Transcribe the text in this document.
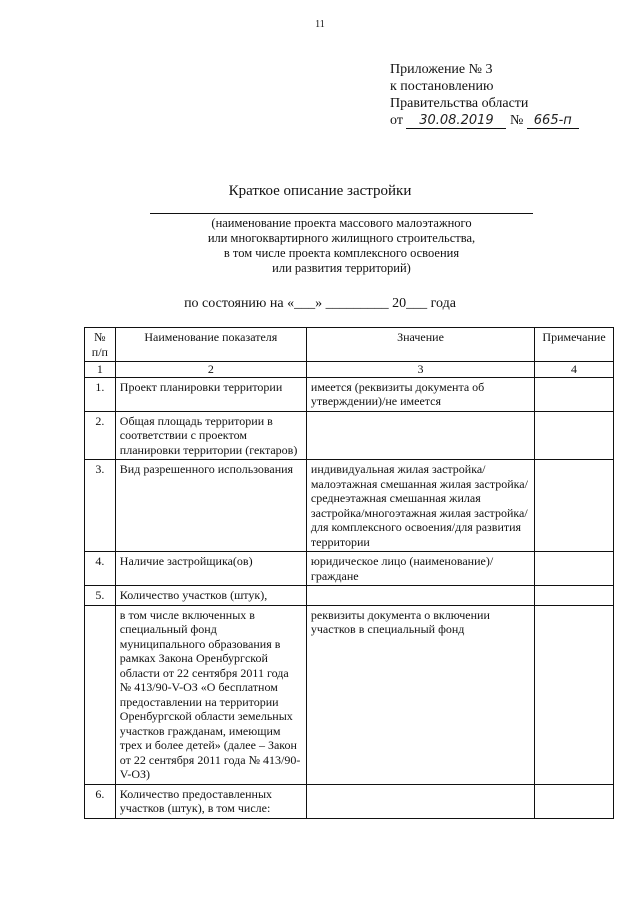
11
Приложение № 3
к постановлению
Правительства области
от 30.08.2019 № 665-п
Краткое описание застройки
(наименование проекта массового малоэтажного
или многоквартирного жилищного строительства,
в том числе проекта комплексного освоения
или развития территорий)
по состоянию на «___» _________ 20___ года
№ п/п	Наименование показателя	Значение	Примечание
1	2	3	4
1.	Проект планировки территории	имеется (реквизиты документа об утверждении)/не имеется	
2.	Общая площадь территории в соответствии с проектом планировки территории (гектаров)		
3.	Вид разрешенного использования	индивидуальная жилая застройка/малоэтажная смешанная жилая застройка/среднеэтажная смешанная жилая застройка/многоэтажная жилая застройка/для комплексного освоения/для развития территории	
4.	Наличие застройщика(ов)	юридическое лицо (наименование)/граждане	
5.	Количество участков (штук),		
	в том числе включенных в специальный фонд муниципального образования в рамках Закона Оренбургской области от 22 сентября 2011 года № 413/90-V-ОЗ «О бесплатном предоставлении на территории Оренбургской области земельных участков гражданам, имеющим трех и более детей» (далее – Закон от 22 сентября 2011 года № 413/90-V-ОЗ)	реквизиты документа о включении участков в специальный фонд	
6.	Количество предоставленных участков (штук), в том числе:		
